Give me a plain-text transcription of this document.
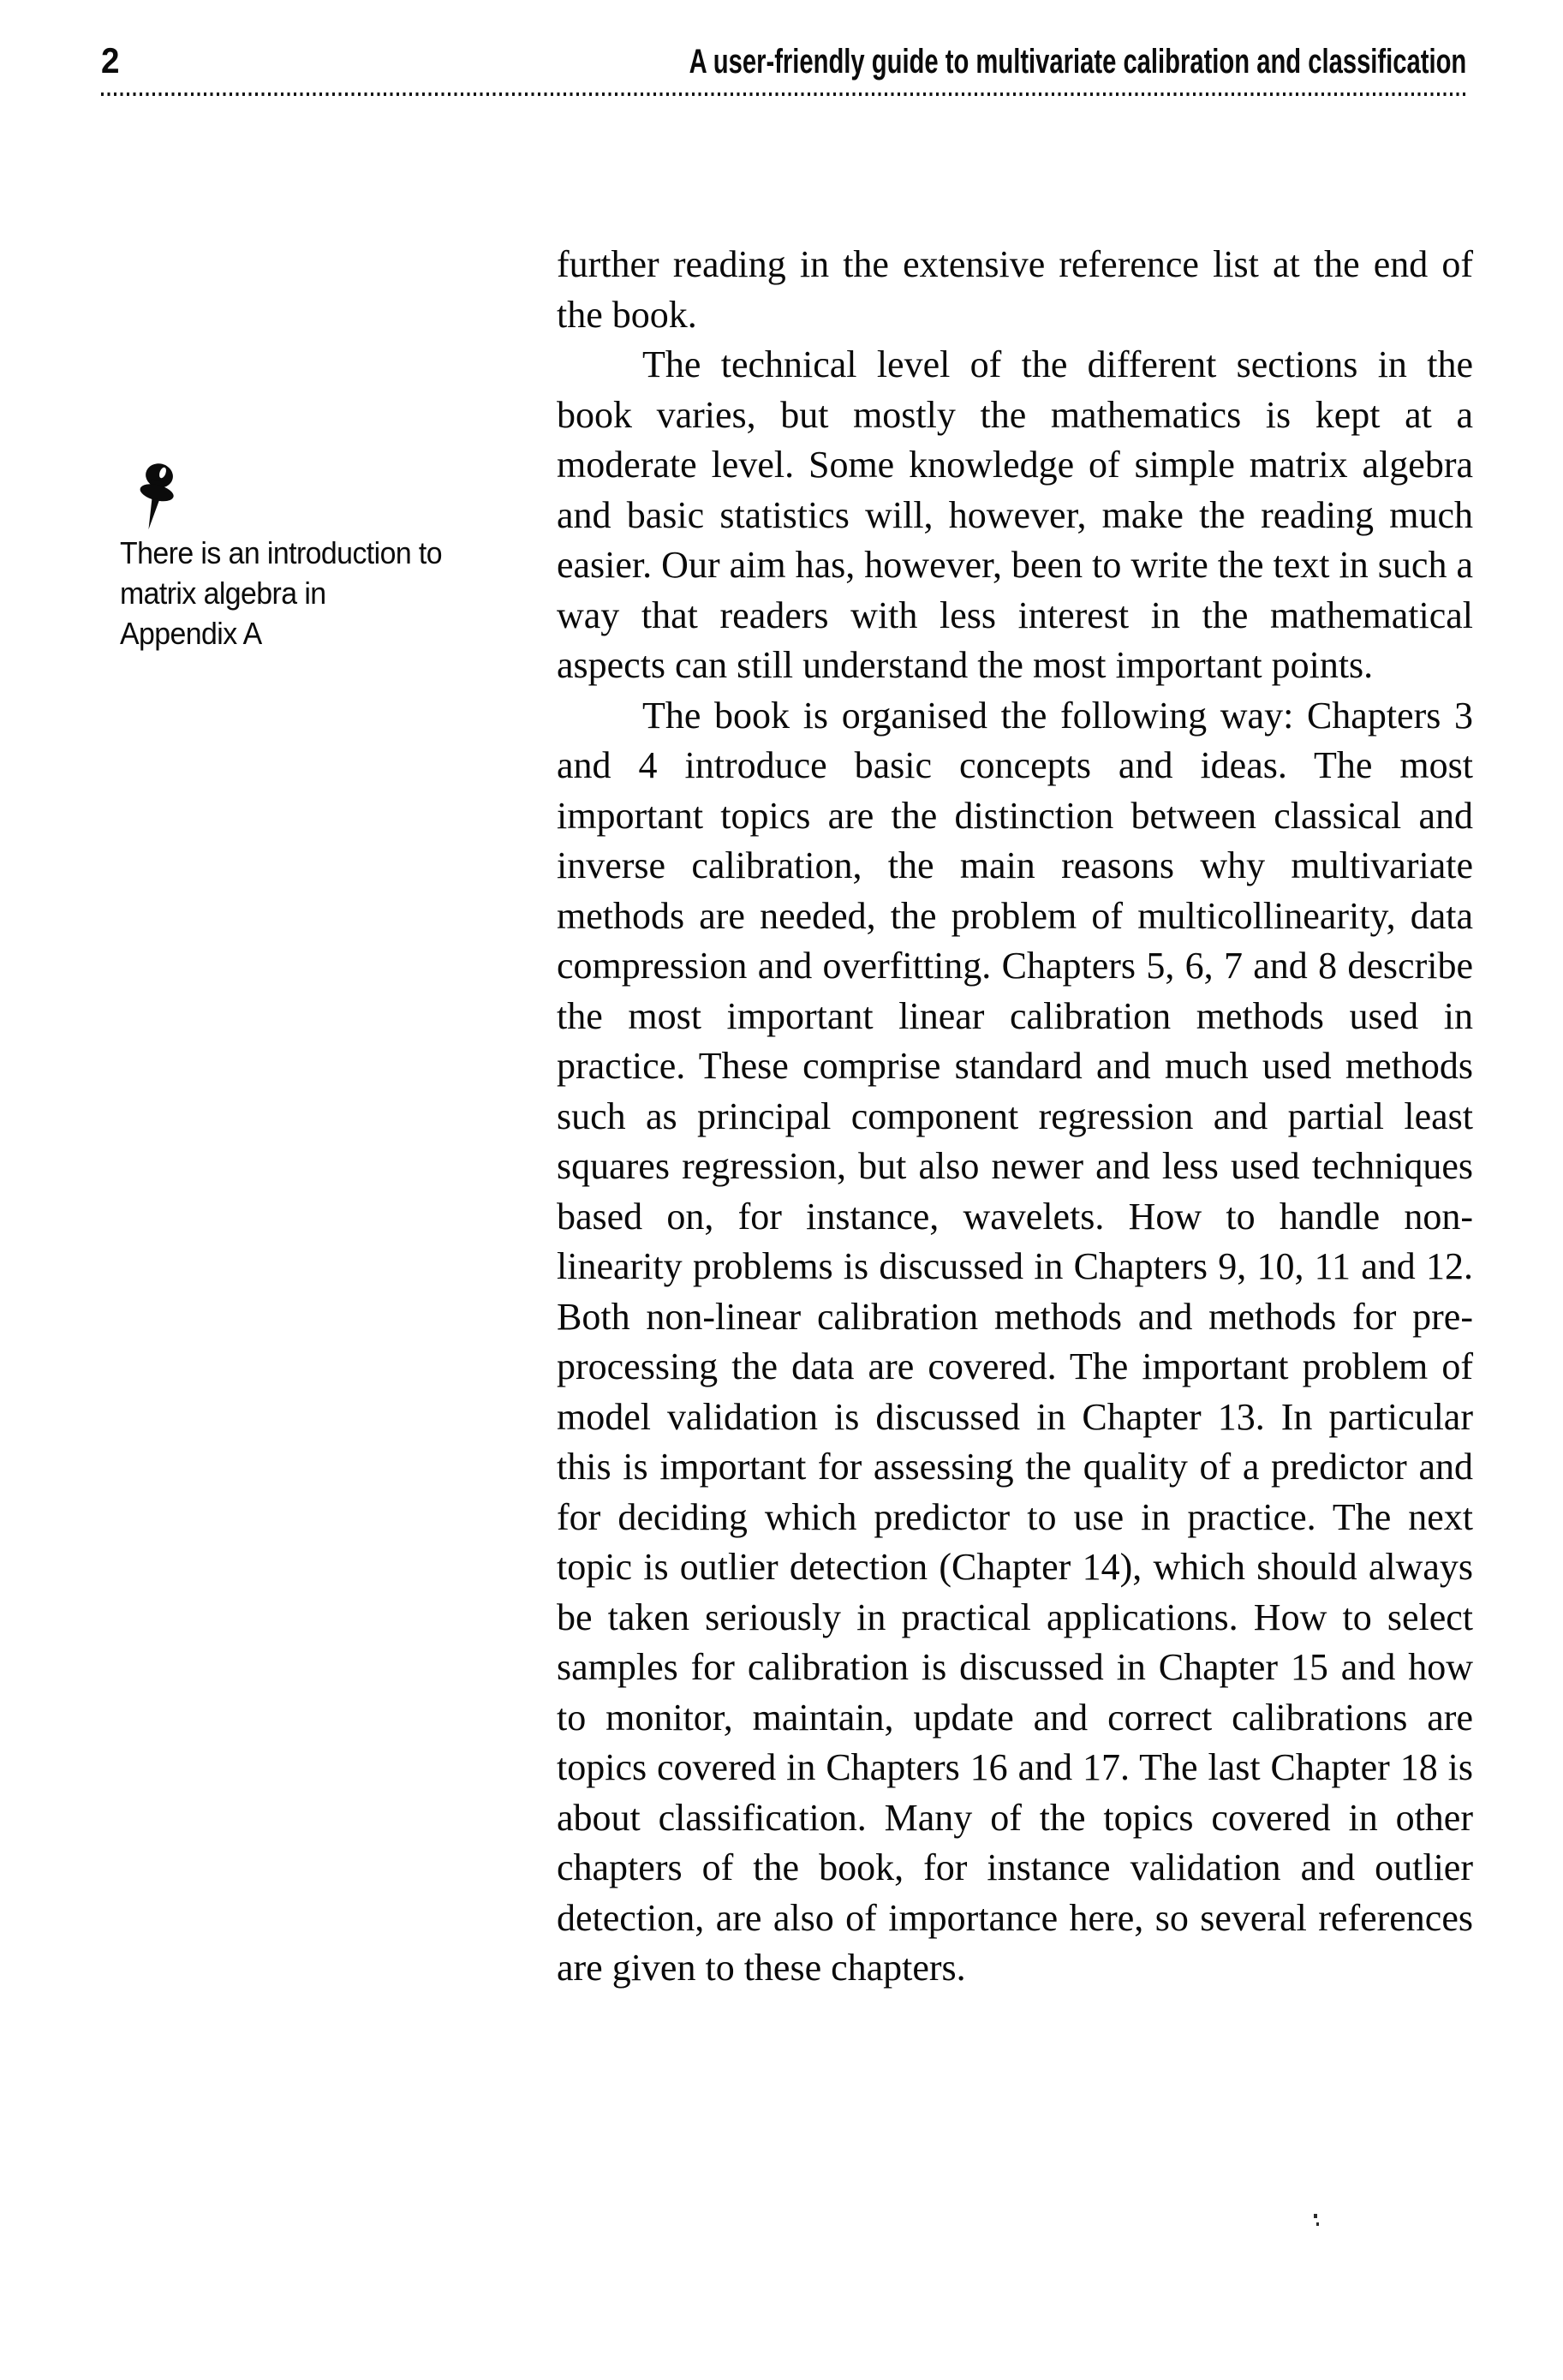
2	A user-friendly guide to multivariate calibration and classification
There is an introduction to
matrix algebra in
Appendix A

further reading in the extensive reference list at the end of the book.

The technical level of the different sections in the book varies, but mostly the mathematics is kept at a moderate level. Some knowledge of simple matrix algebra and basic statistics will, however, make the reading much easier. Our aim has, however, been to write the text in such a way that readers with less interest in the mathematical aspects can still understand the most important points.

The book is organised the following way: Chapters 3 and 4 introduce basic concepts and ideas. The most important topics are the distinction between classical and inverse calibration, the main reasons why multivariate methods are needed, the problem of multicollinearity, data compression and overfitting. Chapters 5, 6, 7 and 8 describe the most important linear calibration methods used in practice. These comprise standard and much used methods such as principal component regression and partial least squares regression, but also newer and less used techniques based on, for instance, wavelets. How to handle non-linearity problems is discussed in Chapters 9, 10, 11 and 12. Both non-linear calibration methods and methods for pre-processing the data are covered. The important problem of model validation is discussed in Chapter 13. In particular this is important for assessing the quality of a predictor and for deciding which predictor to use in practice. The next topic is outlier detection (Chapter 14), which should always be taken seriously in practical applications. How to select samples for calibration is discussed in Chapter 15 and how to monitor, maintain, update and correct calibrations are topics covered in Chapters 16 and 17. The last Chapter 18 is about classification. Many of the topics covered in other chapters of the book, for instance validation and outlier detection, are also of importance here, so several references are given to these chapters.
